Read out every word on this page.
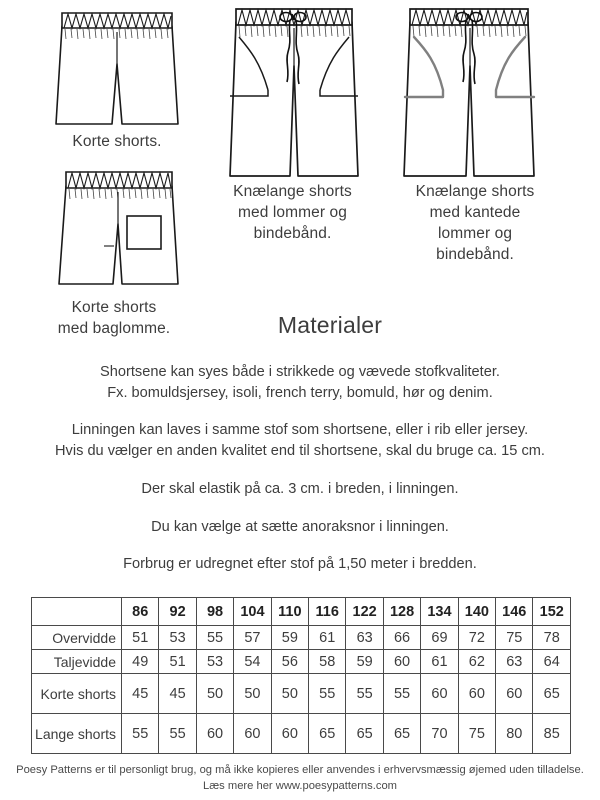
Korte shorts.
Korte shorts
med baglomme.
Knælange shorts
med lommer og
bindebånd.
Knælange shorts
med kantede
lommer og
bindebånd.
Materialer

Shortsene kan syes både i strikkede og vævede stofkvaliteter.
Fx. bomuldsjersey, isoli, french terry, bomuld, hør og denim.

Linningen kan laves i samme stof som shortsene, eller i rib eller jersey.
Hvis du vælger en anden kvalitet end til shortsene, skal du bruge ca. 15 cm.

Der skal elastik på ca. 3 cm. i breden, i linningen.

Du kan vælge at sætte anoraksnor i linningen.

Forbrug er udregnet efter stof på 1,50 meter i bredden.

	86	92	98	104	110	116	122	128	134	140	146	152
Overvidde	51	53	55	57	59	61	63	66	69	72	75	78
Taljevidde	49	51	53	54	56	58	59	60	61	62	63	64
Korte shorts	45	45	50	50	50	55	55	55	60	60	60	65
Lange shorts	55	55	60	60	60	65	65	65	70	75	80	85
Poesy Patterns er til personligt brug, og må ikke kopieres eller anvendes i erhvervsmæssig øjemed uden tilladelse.
Læs mere her www.poesypatterns.com
